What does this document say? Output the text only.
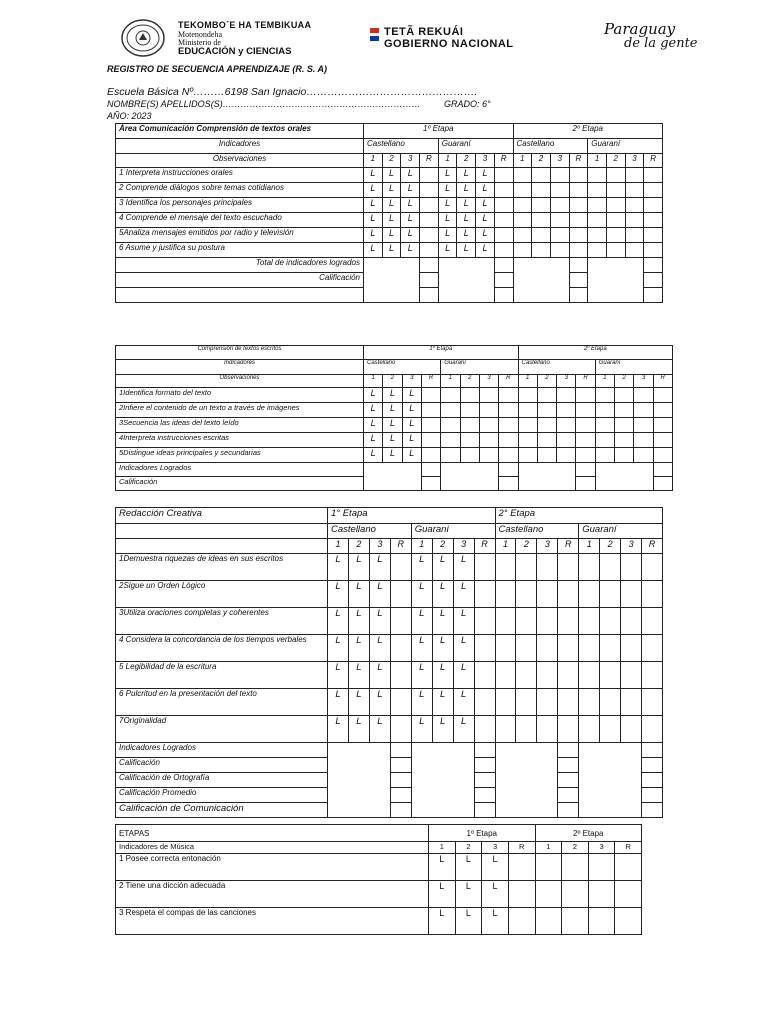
TEKOMBO´E HA TEMBIKUAA
Motenondeha
Ministerio de
EDUCACIÓN y CIENCIAS
TETÃ REKUÁI
GOBIERNO NACIONAL
Paraguay
de la gente
REGISTRO DE SECUENCIA APRENDIZAJE (R. S. A)
Escuela Básica Nº………6198 San Ignacio………………………………………….
NOMBRE(S) APELLIDOS(S)…………………………………………………………	GRADO: 6°
AÑO: 2023
Área Comunicación Comprensión de textos orales	1º Etapa								2º Etapa							
Indicadores	Castellano				Guaraní				Castellano				Guaraní			
Observaciones	1	2	3	R	1	2	3	R	1	2	3	R	1	2	3	R
1 Interpreta instrucciones orales	L	L	L		L	L	L									
2 Comprende diálogos sobre temas cotidianos	L	L	L		L	L	L									
3 Identifica los personajes principales	L	L	L		L	L	L									
4 Comprende el mensaje del texto escuchado	L	L	L		L	L	L									
5Analiza mensajes emitidos por radio y televisión	L	L	L		L	L	L									
6 Asume y justifica su postura	L	L	L		L	L	L									
Total de indicadores logrados																
Calificación																

Comprensión de textos escritos	1º Etapa								2º Etapa							
Indicadores	Castellano				Guaraní				Castellano				Guaraní			
Observaciones	1	2	3	R	1	2	3	R	1	2	3	R	1	2	3	R
1Identifica formato del texto	L	L	L													
2Infiere el contenido de un texto a través de imágenes	L	L	L													
3Secuencia las ideas del texto leído	L	L	L													
4Interpreta instrucciones escritas	L	L	L													
5Distingue ideas principales y secundarias	L	L	L													
Indicadores Logrados																
Calificación																
Redacción Creativa	1° Etapa								2° Etapa							
	Castellano				Guaraní				Castellano				Guaraní			
	1	2	3	R	1	2	3	R	1	2	3	R	1	2	3	R
1Demuestra riquezas de ideas en sus escritos	L	L	L		L	L	L									
2Sigue un Orden Lógico	L	L	L		L	L	L									
3Utiliza oraciones completas y coherentes	L	L	L		L	L	L									
4 Considera la concordancia de los tiempos verbales	L	L	L		L	L	L									
5 Legibilidad de la escritura	L	L	L		L	L	L									
6 Pulcritud en la presentación del texto	L	L	L		L	L	L									
7Originalidad	L	L	L		L	L	L									
Indicadores Logrados																
Calificación																
Calificación de Ortografía																
Calificación Promedio																
Calificación de Comunicación																
ETAPAS	1º Etapa				2º Etapa			
Indicadores de Música	1	2	3	R	1	2	3	R
1 Posee correcta entonación	L	L	L					
2 Tiene una dicción adecuada	L	L	L					
3 Respeta el compas de las canciones	L	L	L					
